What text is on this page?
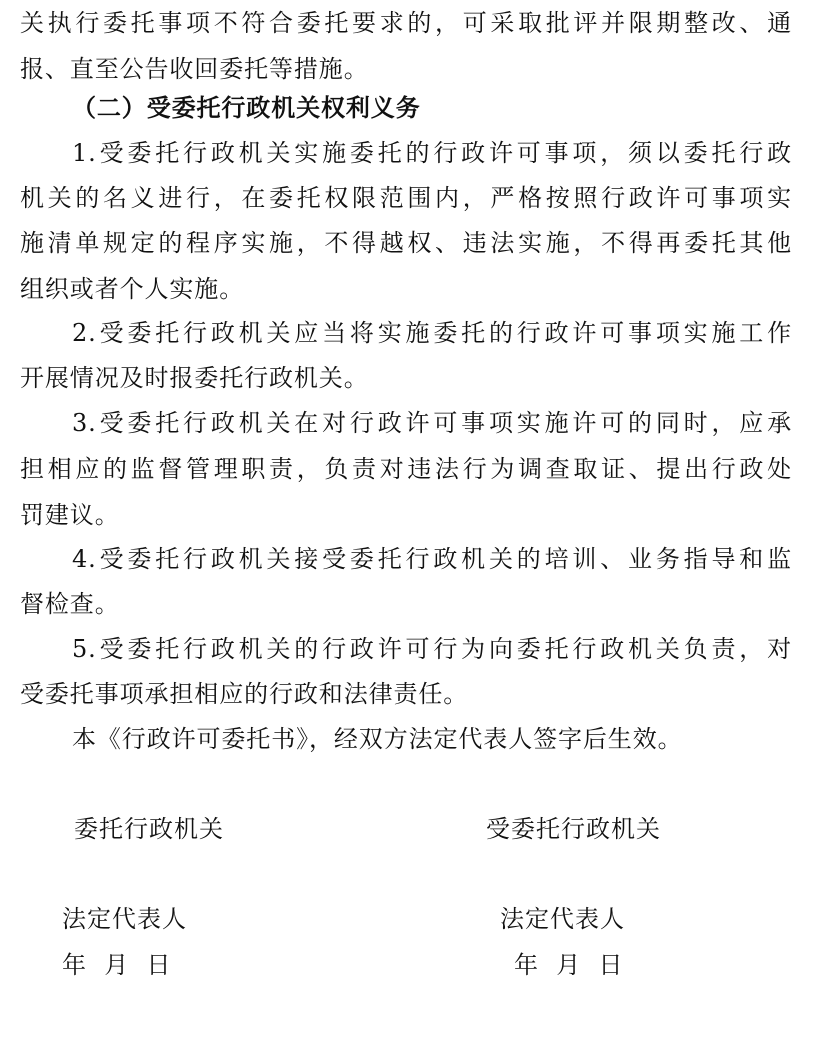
关执行委托事项不符合委托要求的，可采取批评并限期整改、通
报、直至公告收回委托等措施。
（二）受委托行政机关权利义务
1.受委托行政机关实施委托的行政许可事项，须以委托行政
机关的名义进行，在委托权限范围内，严格按照行政许可事项实
施清单规定的程序实施，不得越权、违法实施，不得再委托其他
组织或者个人实施。
2.受委托行政机关应当将实施委托的行政许可事项实施工作
开展情况及时报委托行政机关。
3.受委托行政机关在对行政许可事项实施许可的同时，应承
担相应的监督管理职责，负责对违法行为调查取证、提出行政处
罚建议。
4.受委托行政机关接受委托行政机关的培训、业务指导和监
督检查。
5.受委托行政机关的行政许可行为向委托行政机关负责，对
受委托事项承担相应的行政和法律责任。
本《行政许可委托书》，经双方法定代表人签字后生效。
委托行政机关	受委托行政机关
法定代表人	法定代表人
年  月  日	年  月  日
